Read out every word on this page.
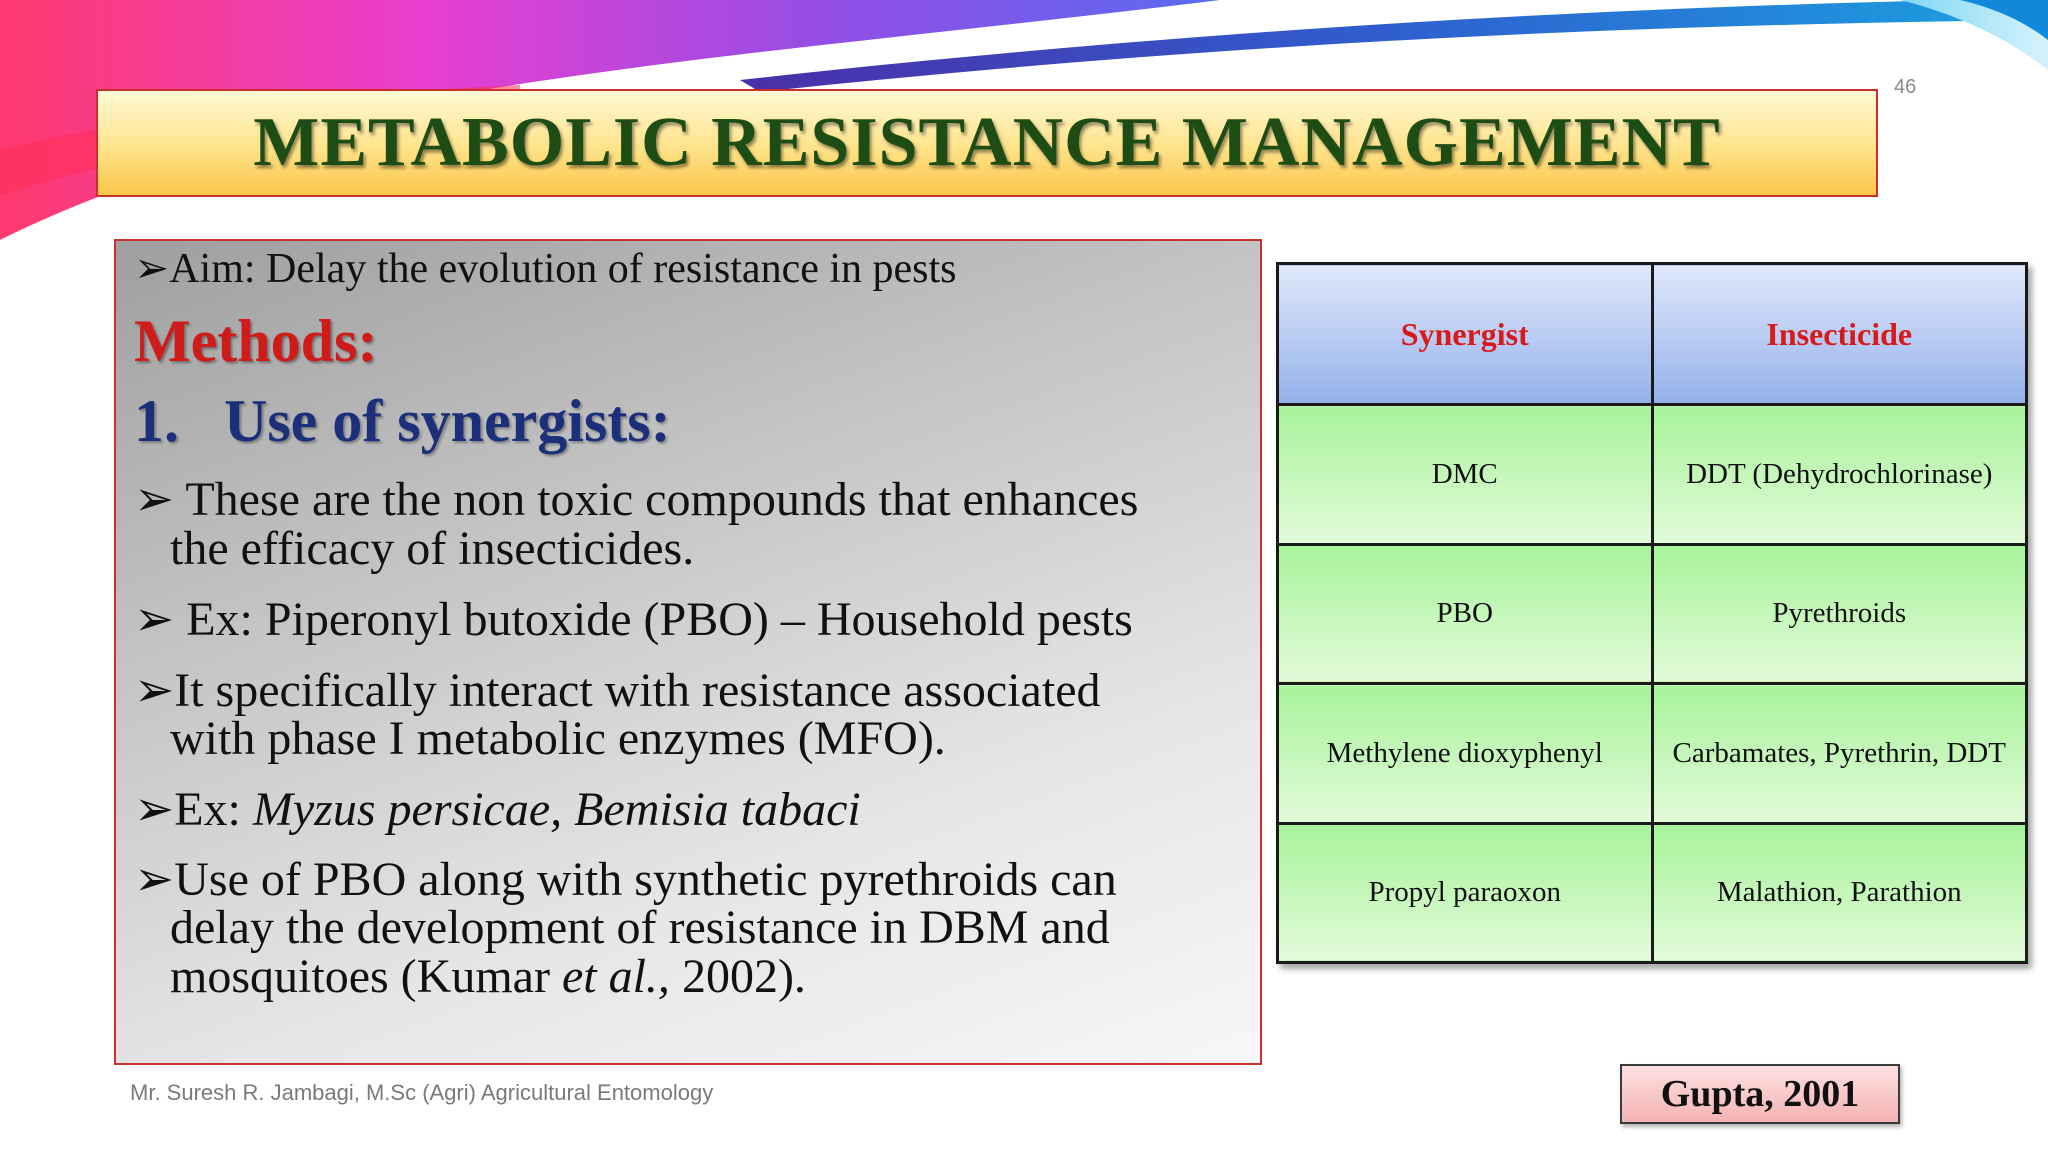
46
METABOLIC RESISTANCE MANAGEMENT
➢Aim: Delay the evolution of resistance in pests
Methods:
1. Use of synergists:
➢ These are the non toxic compounds that enhances
the efficacy of insecticides.
➢ Ex: Piperonyl butoxide (PBO) – Household pests
➢It specifically interact with resistance associated
with phase I metabolic enzymes (MFO).
➢Ex: Myzus persicae, Bemisia tabaci
➢Use of PBO along with synthetic pyrethroids can
delay the development of resistance in DBM and
mosquitoes (Kumar et al., 2002).
Synergist	Insecticide
DMC	DDT (Dehydrochlorinase)
PBO	Pyrethroids
Methylene dioxyphenyl	Carbamates, Pyrethrin, DDT
Propyl paraoxon	Malathion, Parathion
Mr. Suresh R. Jambagi, M.Sc (Agri) Agricultural Entomology	Gupta, 2001
